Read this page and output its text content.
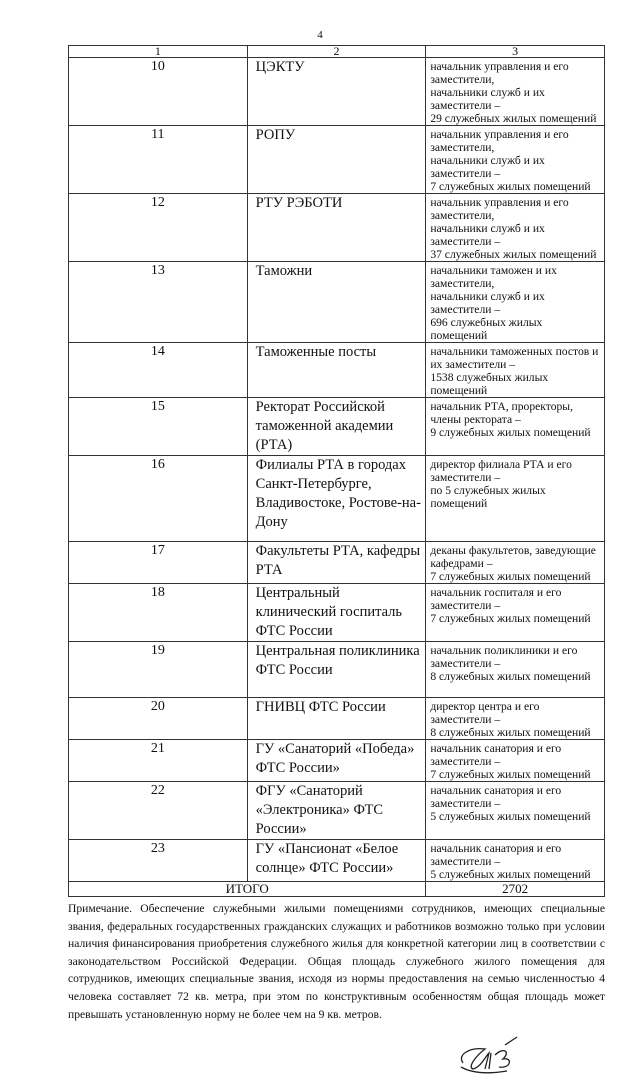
4
1	2	3
10	ЦЭКТУ	начальник управления и его заместители,
начальники служб и их заместители –
29 служебных жилых помещений

11	РОПУ	начальник управления и его заместители,
начальники служб и их заместители –
7 служебных жилых помещений

12	РТУ РЭБОТИ	начальник управления и его заместители,
начальники служб и их заместители –
37 служебных жилых помещений

13	Таможни	начальники таможен и их заместители,
начальники служб и их заместители –
696 служебных жилых помещений

14	Таможенные посты	начальники таможенных постов и их заместители –
1538 служебных жилых помещений

15	Ректорат Российской таможенной академии (РТА)	начальник РТА, проректоры, члены ректората –
9 служебных жилых помещений

16	Филиалы РТА в городах Санкт-Петербурге, Владивостоке, Ростове-на-Дону	директор филиала РТА и его заместители –
по 5 служебных жилых помещений

17	Факультеты РТА, кафедры РТА	деканы факультетов, заведующие кафедрами –
7 служебных жилых помещений

18	Центральный клинический госпиталь ФТС России	начальник госпиталя и его заместители –
7 служебных жилых помещений

19	Центральная поликлиника ФТС России	начальник поликлиники и его заместители –
8 служебных жилых помещений

20	ГНИВЦ ФТС России	директор центра и его заместители –
8 служебных жилых помещений

21	ГУ «Санаторий «Победа» ФТС России»	начальник санатория и его заместители –
7 служебных жилых помещений

22	ФГУ «Санаторий «Электроника» ФТС России»	начальник санатория и его заместители –
5 служебных жилых помещений

23	ГУ «Пансионат «Белое солнце» ФТС России»	начальник санатория и его заместители –
5 служебных жилых помещений

ИТОГО		2702
Примечание. Обеспечение служебными жилыми помещениями сотрудников, имеющих специальные звания, федеральных государственных гражданских служащих и работников возможно только при условии наличия финансирования приобретения служебного жилья для конкретной категории лиц в соответствии с законодательством Российской Федерации. Общая площадь служебного жилого помещения для сотрудников, имеющих специальные звания, исходя из нормы предоставления на семью численностью 4 человека составляет 72 кв. метра, при этом по конструктивным особенностям общая площадь может превышать установленную норму не более чем на 9 кв. метров.
